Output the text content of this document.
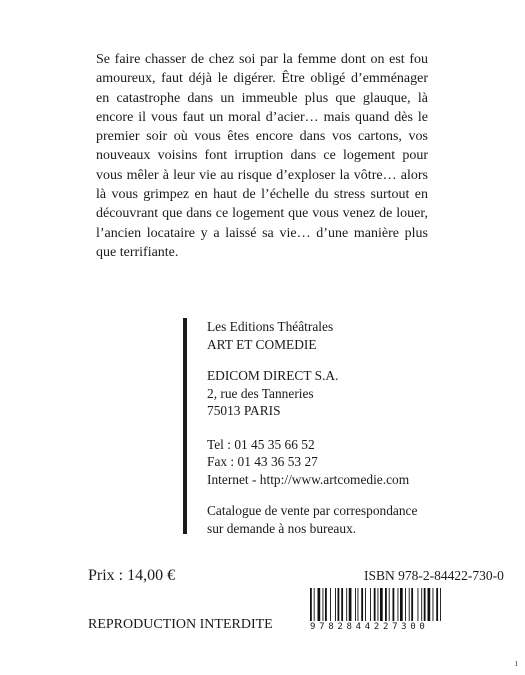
Se faire chasser de chez soi par la femme dont on est fou amoureux, faut déjà le digérer. Être obligé d’emménager en catastrophe dans un immeuble plus que glauque, là encore il vous faut un moral d’acier… mais quand dès le premier soir où vous êtes encore dans vos cartons, vos nouveaux voisins font irruption dans ce logement pour vous mêler à leur vie au risque d’exploser la vôtre… alors là vous grimpez en haut de l’échelle du stress surtout en découvrant que dans ce logement que vous venez de louer, l’ancien locataire y a laissé sa vie… d’une manière plus que terrifiante.

Les Editions Théâtrales
ART ET COMEDIE
EDICOM DIRECT S.A.
2, rue des Tanneries
75013 PARIS
Tel : 01 45 35 66 52
Fax : 01 43 36 53 27
Internet - http://www.artcomedie.com
Catalogue de vente par correspondance
sur demande à nos bureaux.
Prix : 14,00 €	ISBN 978-2-84422-730-0
9782844227300
REPRODUCTION INTERDITE
1
